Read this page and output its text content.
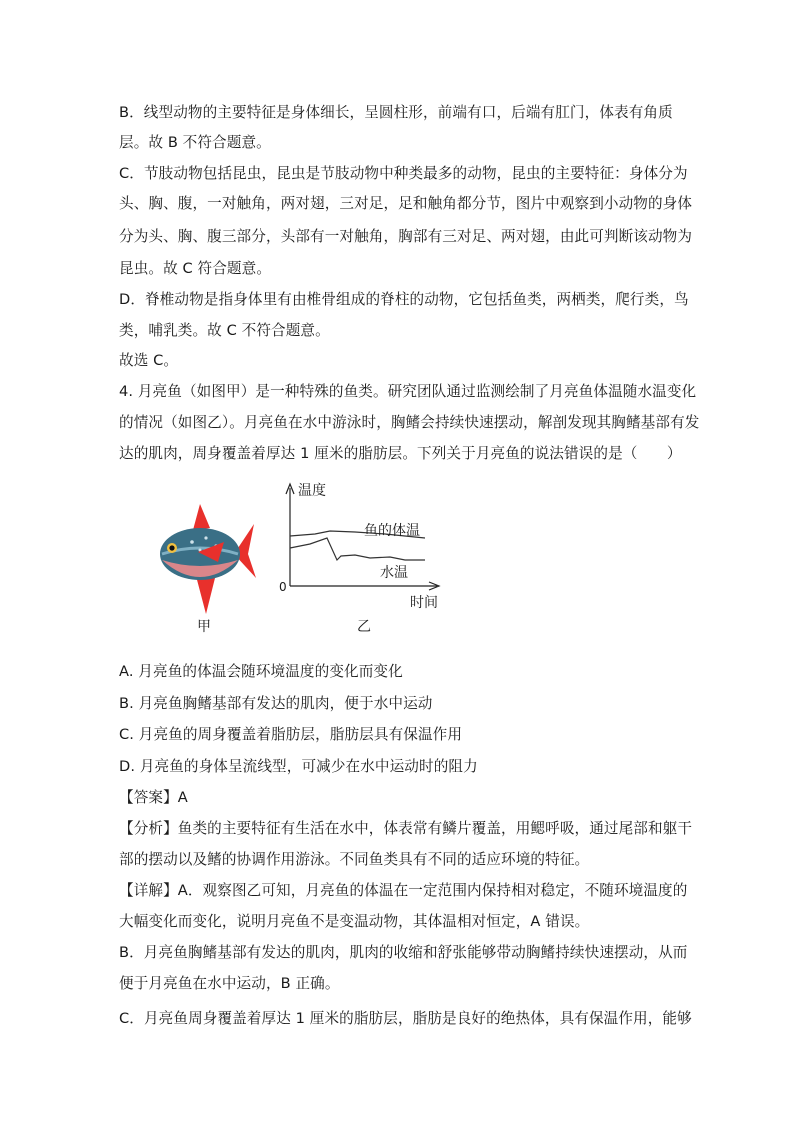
B．线型动物的主要特征是身体细长，呈圆柱形，前端有口，后端有肛门，体表有角质

层。故 B 不符合题意。

C．节肢动物包括昆虫，昆虫是节肢动物中种类最多的动物，昆虫的主要特征：身体分为

头、胸、腹，一对触角，两对翅，三对足，足和触角都分节，图片中观察到小动物的身体

分为头、胸、腹三部分，头部有一对触角，胸部有三对足、两对翅，由此可判断该动物为

昆虫。故 C 符合题意。

D．脊椎动物是指身体里有由椎骨组成的脊柱的动物，它包括鱼类，两栖类，爬行类，鸟

类，哺乳类。故 C 不符合题意。

故选 C。

4. 月亮鱼（如图甲）是一种特殊的鱼类。研究团队通过监测绘制了月亮鱼体温随水温变化

的情况（如图乙）。月亮鱼在水中游泳时，胸鳍会持续快速摆动，解剖发现其胸鳍基部有发

达的肌肉，周身覆盖着厚达 1 厘米的脂肪层。下列关于月亮鱼的说法错误的是（　　）

温度
鱼的体温
水温
0
时间
甲	乙

A. 月亮鱼的体温会随环境温度的变化而变化

B. 月亮鱼胸鳍基部有发达的肌肉，便于水中运动

C. 月亮鱼的周身覆盖着脂肪层，脂肪层具有保温作用

D. 月亮鱼的身体呈流线型，可减少在水中运动时的阻力

【答案】A

【分析】鱼类的主要特征有生活在水中，体表常有鳞片覆盖，用鳃呼吸，通过尾部和躯干

部的摆动以及鳍的协调作用游泳。不同鱼类具有不同的适应环境的特征。

【详解】A．观察图乙可知，月亮鱼的体温在一定范围内保持相对稳定，不随环境温度的

大幅变化而变化，说明月亮鱼不是变温动物，其体温相对恒定，A 错误。

B．月亮鱼胸鳍基部有发达的肌肉，肌肉的收缩和舒张能够带动胸鳍持续快速摆动，从而

便于月亮鱼在水中运动，B 正确。

C．月亮鱼周身覆盖着厚达 1 厘米的脂肪层，脂肪是良好的绝热体，具有保温作用，能够
